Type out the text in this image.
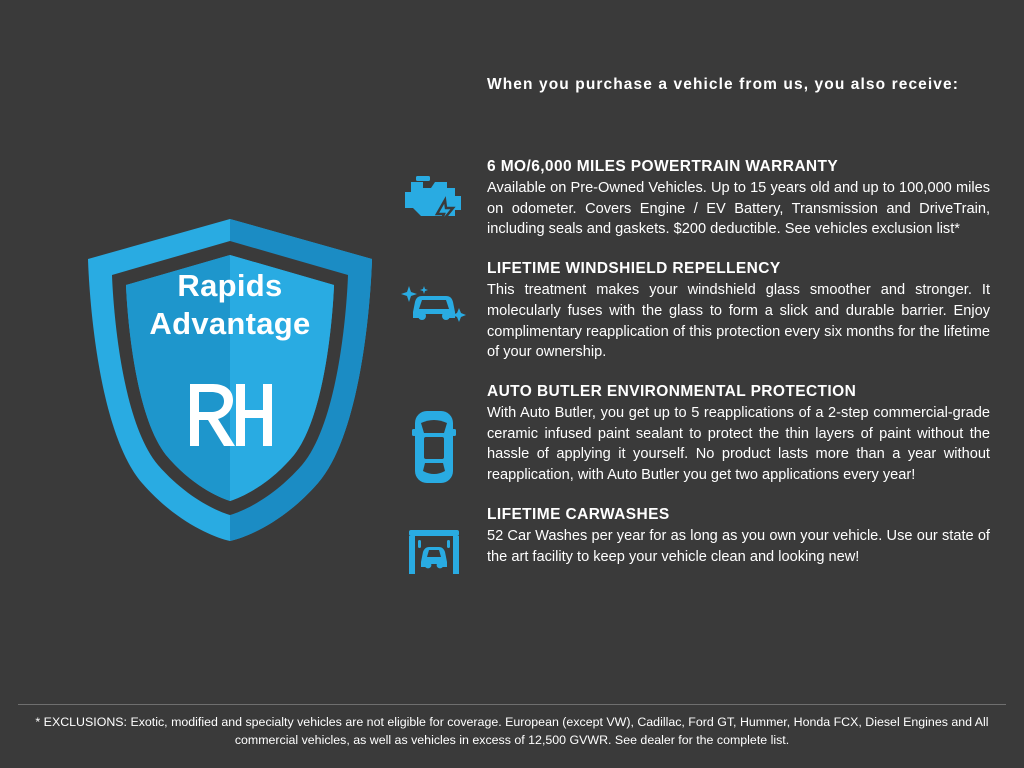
Rapids
Advantage
When you purchase a vehicle from us, you also receive:
6 MO/6,000 MILES POWERTRAIN WARRANTY
Available on Pre-Owned Vehicles. Up to 15 years old and up to 100,000 miles on odometer. Covers Engine / EV Battery, Transmission and DriveTrain, including seals and gaskets. $200 deductible. See vehicles exclusion list*
LIFETIME WINDSHIELD REPELLENCY
This treatment makes your windshield glass smoother and stronger. It molecularly fuses with the glass to form a slick and durable barrier. Enjoy complimentary reapplication of this protection every six months for the lifetime of your ownership.
AUTO BUTLER ENVIRONMENTAL PROTECTION
With Auto Butler, you get up to 5 reapplications of a 2-step commercial-grade ceramic infused paint sealant to protect the thin layers of paint without the hassle of applying it yourself. No product lasts more than a year without reapplication, with Auto Butler you get two applications every year!
LIFETIME CARWASHES
52 Car Washes per year for as long as you own your vehicle. Use our state of the art facility to keep your vehicle clean and looking new!
* EXCLUSIONS: Exotic, modified and specialty vehicles are not eligible for coverage. European (except VW), Cadillac, Ford GT, Hummer, Honda FCX, Diesel Engines and All commercial vehicles, as well as vehicles in excess of 12,500 GVWR. See dealer for the complete list.
